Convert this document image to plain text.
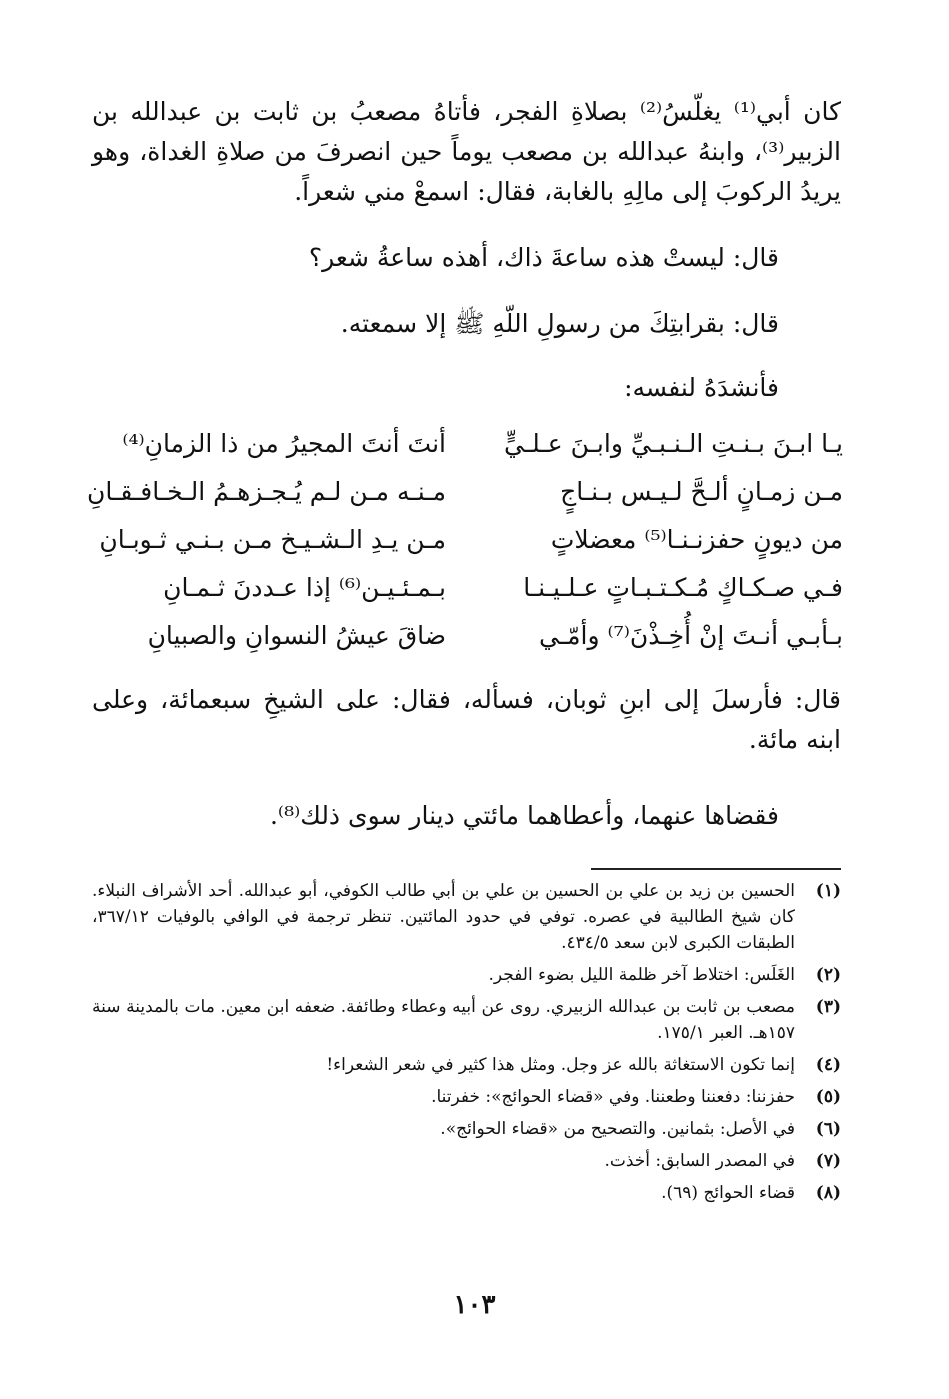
كان أبي⁽¹⁾ يغلّسُ⁽²⁾ بصلاةِ الفجر، فأتاهُ مصعبُ بن ثابت بن عبدالله بن الزبير⁽³⁾، وابنهُ عبدالله بن مصعب يوماً حين انصرفَ من صلاةِ الغداة، وهو يريدُ الركوبَ إلى مالِهِ بالغابة، فقال: اسمعْ مني شعراً.
قال: ليستْ هذه ساعةَ ذاك، أهذه ساعةُ شعر؟
قال: بقرابتِكَ من رسولِ اللّهِ ﷺ إلا سمعته.
فأنشدَهُ لنفسه:
يـا ابـنَ بـنـتِ الـنـبـيِّ وابـنَ عـلـيٍّ
أنتَ أنتَ المجيرُ من ذا الزمانِ⁽⁴⁾
مـن زمـانٍ ألـحَّ لـيـس بـنـاجٍ
مـنـه مـن لـم يُـجـزهـمُ الـخـافـقـانِ
من ديونٍ حفزنـنـا⁽⁵⁾ معضلاتٍ
مـن يـدِ الـشـيـخ مـن بـنـي ثـوبـانِ
فـي صـكـاكٍ مُـكـتـبـاتٍ عـلـيـنـا
بـمـئـيـن⁽⁶⁾ إذا عـددنَ ثـمـانِ
بـأبـي أنـتَ إنْ أُخِـذْنَ⁽⁷⁾ وأمّـي
ضاقَ عيشُ النسوانِ والصبيانِ
قال: فأرسلَ إلى ابنِ ثوبان، فسأله، فقال: على الشيخِ سبعمائة، وعلى ابنه مائة.
فقضاها عنهما، وأعطاهما مائتي دينار سوى ذلك⁽⁸⁾.
(١)
الحسين بن زيد بن علي بن الحسين بن علي بن أبي طالب الكوفي، أبو عبدالله. أحد الأشراف النبلاء. كان شيخ الطالبية في عصره. توفي في حدود المائتين. تنظر ترجمة في الوافي بالوفيات ٣٦٧/١٢، الطبقات الكبرى لابن سعد ٤٣٤/٥.
(٢)
الغَلَس: اختلاط آخر ظلمة الليل بضوء الفجر.
(٣)
مصعب بن ثابت بن عبدالله الزبيري. روى عن أبيه وعطاء وطائفة. ضعفه ابن معين. مات بالمدينة سنة ١٥٧هـ. العبر ١٧٥/١.
(٤)
إنما تكون الاستغاثة بالله عز وجل. ومثل هذا كثير في شعر الشعراء!
(٥)
حفزننا: دفعننا وطعننا. وفي «قضاء الحوائج»: خفرتنا.
(٦)
في الأصل: بثمانين. والتصحيح من «قضاء الحوائج».
(٧)
في المصدر السابق: أخذت.
(٨)
قضاء الحوائج (٦٩).
١٠٣
